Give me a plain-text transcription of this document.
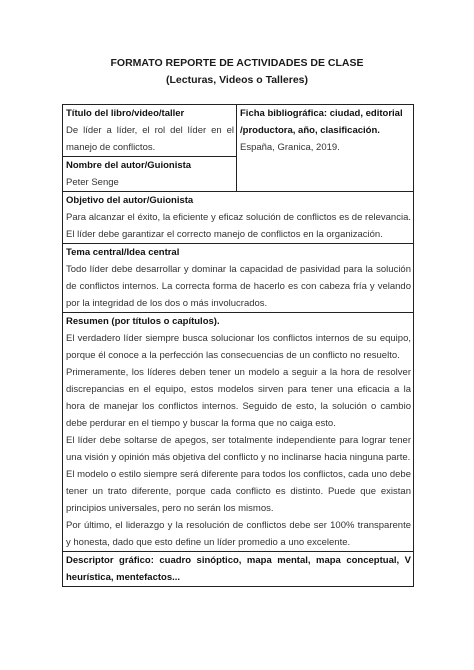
FORMATO REPORTE DE ACTIVIDADES DE CLASE
(Lecturas, Videos o Talleres)
Título del libro/video/taller
De líder a líder, el rol del líder en el manejo de conflictos.

Ficha bibliográfica: ciudad, editorial /productora, año, clasificación.
España, Granica, 2019.

Nombre del autor/Guionista
Peter Senge

Objetivo del autor/Guionista
Para alcanzar el éxito, la eficiente y eficaz solución de conflictos es de relevancia. El líder debe garantizar el correcto manejo de conflictos en la organización.

Tema central/Idea central
Todo líder debe desarrollar y dominar la capacidad de pasividad para la solución de conflictos internos. La correcta forma de hacerlo es con cabeza fría y velando por la integridad de los dos o más involucrados.

Resumen (por títulos o capítulos).

El verdadero líder siempre busca solucionar los conflictos internos de su equipo, porque él conoce a la perfección las consecuencias de un conflicto no resuelto.

Primeramente, los líderes deben tener un modelo a seguir a la hora de resolver discrepancias en el equipo, estos modelos sirven para tener una eficacia a la hora de manejar los conflictos internos. Seguido de esto, la solución o cambio debe perdurar en el tiempo y buscar la forma que no caiga esto.

El líder debe soltarse de apegos, ser totalmente independiente para lograr tener una visión y opinión más objetiva del conflicto y no inclinarse hacia ninguna parte.

El modelo o estilo siempre será diferente para todos los conflictos, cada uno debe tener un trato diferente, porque cada conflicto es distinto. Puede que existan principios universales, pero no serán los mismos.

Por último, el liderazgo y la resolución de conflictos debe ser 100% transparente y honesta, dado que esto define un líder promedio a uno excelente.

Descriptor gráfico: cuadro sinóptico, mapa mental, mapa conceptual, V heurística, mentefactos...
